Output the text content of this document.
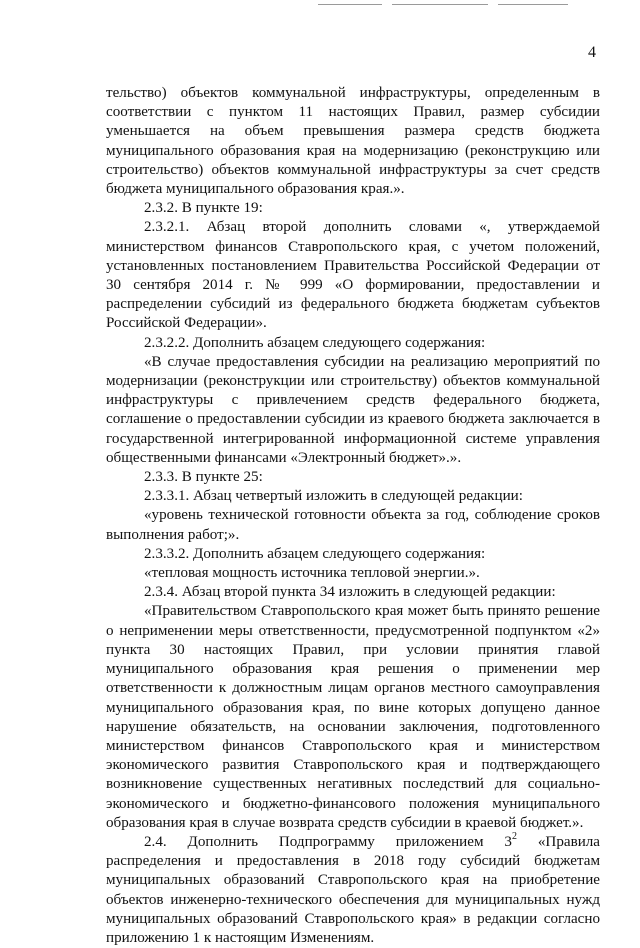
4

тельство) объектов коммунальной инфраструктуры, определенным в соответствии с пунктом 11 настоящих Правил, размер субсидии уменьшается на объем превышения размера средств бюджета муниципального образования края на модернизацию (реконструкцию или строительство) объектов коммунальной инфраструктуры за счет средств бюджета муниципального образования края.».

2.3.2. В пункте 19:

2.3.2.1. Абзац второй дополнить словами «, утверждаемой министерством финансов Ставропольского края, с учетом положений, установленных постановлением Правительства Российской Федерации от 30 сентября 2014 г. № 999 «О формировании, предоставлении и распределении субсидий из федерального бюджета бюджетам субъектов Российской Федерации».

2.3.2.2. Дополнить абзацем следующего содержания:

«В случае предоставления субсидии на реализацию мероприятий по модернизации (реконструкции или строительству) объектов коммунальной инфраструктуры с привлечением средств федерального бюджета, соглашение о предоставлении субсидии из краевого бюджета заключается в государственной интегрированной информационной системе управления общественными финансами «Электронный бюджет».».

2.3.3. В пункте 25:

2.3.3.1. Абзац четвертый изложить в следующей редакции:

«уровень технической готовности объекта за год, соблюдение сроков выполнения работ;».

2.3.3.2. Дополнить абзацем следующего содержания:

«тепловая мощность источника тепловой энергии.».

2.3.4. Абзац второй пункта 34 изложить в следующей редакции:

«Правительством Ставропольского края может быть принято решение о неприменении меры ответственности, предусмотренной подпунктом «2» пункта 30 настоящих Правил, при условии принятия главой муниципального образования края решения о применении мер ответственности к должностным лицам органов местного самоуправления муниципального образования края, по вине которых допущено данное нарушение обязательств, на основании заключения, подготовленного министерством финансов Ставропольского края и министерством экономического развития Ставропольского края и подтверждающего возникновение существенных негативных последствий для социально-экономического и бюджетно-финансового положения муниципального образования края в случае возврата средств субсидии в краевой бюджет.».

2.4. Дополнить Подпрограмму приложением $3^2$ «Правила распределения и предоставления в 2018 году субсидий бюджетам муниципальных образований Ставропольского края на приобретение объектов инженерно-технического обеспечения для муниципальных нужд муниципальных образований Ставропольского края» в редакции согласно приложению 1 к настоящим Изменениям.
